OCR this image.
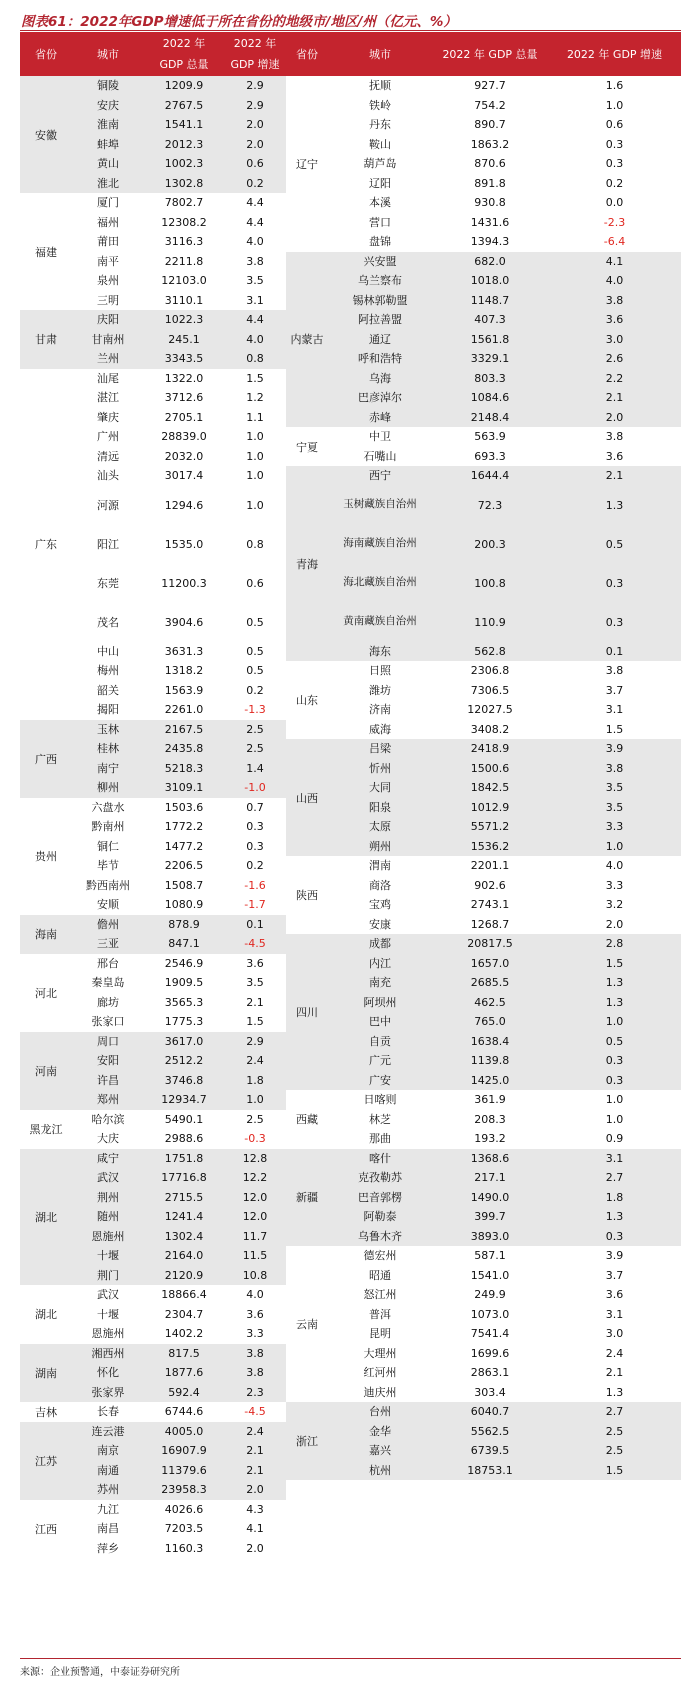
图表61：2022年GDP增速低于所在省份的地级市/地区/州（亿元、%）
省份	城市
2022 年
GDP 总量
2022 年
GDP 增速
省份	城市	2022 年 GDP 总量	2022 年 GDP 增速
安徽
铜陵	1209.9	2.9
安庆	2767.5	2.9
淮南	1541.1	2.0
蚌埠	2012.3	2.0
黄山	1002.3	0.6
淮北	1302.8	0.2
福建
厦门	7802.7	4.4
福州	12308.2	4.4
莆田	3116.3	4.0
南平	2211.8	3.8
泉州	12103.0	3.5
三明	3110.1	3.1
甘肃
庆阳	1022.3	4.4
甘南州	245.1	4.0
兰州	3343.5	0.8
广东
汕尾	1322.0	1.5
湛江	3712.6	1.2
肇庆	2705.1	1.1
广州	28839.0	1.0
清远	2032.0	1.0
汕头	3017.4	1.0
河源	1294.6	1.0
阳江	1535.0	0.8
东莞	11200.3	0.6
茂名	3904.6	0.5
中山	3631.3	0.5
梅州	1318.2	0.5
韶关	1563.9	0.2
揭阳	2261.0	-1.3
广西
玉林	2167.5	2.5
桂林	2435.8	2.5
南宁	5218.3	1.4
柳州	3109.1	-1.0
贵州
六盘水	1503.6	0.7
黔南州	1772.2	0.3
铜仁	1477.2	0.3
毕节	2206.5	0.2
黔西南州	1508.7	-1.6
安顺	1080.9	-1.7
海南
儋州	878.9	0.1
三亚	847.1	-4.5
河北
邢台	2546.9	3.6
秦皇岛	1909.5	3.5
廊坊	3565.3	2.1
张家口	1775.3	1.5
河南
周口	3617.0	2.9
安阳	2512.2	2.4
许昌	3746.8	1.8
郑州	12934.7	1.0
黑龙江
哈尔滨	5490.1	2.5
大庆	2988.6	-0.3
湖北
咸宁	1751.8	12.8
武汉	17716.8	12.2
荆州	2715.5	12.0
随州	1241.4	12.0
恩施州	1302.4	11.7
十堰	2164.0	11.5
荆门	2120.9	10.8
湖北
武汉	18866.4	4.0
十堰	2304.7	3.6
恩施州	1402.2	3.3
湖南
湘西州	817.5	3.8
怀化	1877.6	3.8
张家界	592.4	2.3
吉林	长春	6744.6	-4.5
江苏
连云港	4005.0	2.4
南京	16907.9	2.1
南通	11379.6	2.1
苏州	23958.3	2.0
江西
九江	4026.6	4.3
南昌	7203.5	4.1
萍乡	1160.3	2.0
辽宁
抚顺	927.7	1.6
铁岭	754.2	1.0
丹东	890.7	0.6
鞍山	1863.2	0.3
葫芦岛	870.6	0.3
辽阳	891.8	0.2
本溪	930.8	0.0
营口	1431.6	-2.3
盘锦	1394.3	-6.4
内蒙古
兴安盟	682.0	4.1
乌兰察布	1018.0	4.0
锡林郭勒盟	1148.7	3.8
阿拉善盟	407.3	3.6
通辽	1561.8	3.0
呼和浩特	3329.1	2.6
乌海	803.3	2.2
巴彦淖尔	1084.6	2.1
赤峰	2148.4	2.0
宁夏
中卫	563.9	3.8
石嘴山	693.3	3.6
青海
西宁	1644.4	2.1
玉树藏族自治州	72.3	1.3
海南藏族自治州	200.3	0.5
海北藏族自治州	100.8	0.3
黄南藏族自治州	110.9	0.3
海东	562.8	0.1
山东
日照	2306.8	3.8
潍坊	7306.5	3.7
济南	12027.5	3.1
威海	3408.2	1.5
山西
吕梁	2418.9	3.9
忻州	1500.6	3.8
大同	1842.5	3.5
阳泉	1012.9	3.5
太原	5571.2	3.3
朔州	1536.2	1.0
陕西
渭南	2201.1	4.0
商洛	902.6	3.3
宝鸡	2743.1	3.2
安康	1268.7	2.0
四川
成都	20817.5	2.8
内江	1657.0	1.5
南充	2685.5	1.3
阿坝州	462.5	1.3
巴中	765.0	1.0
自贡	1638.4	0.5
广元	1139.8	0.3
广安	1425.0	0.3
西藏
日喀则	361.9	1.0
林芝	208.3	1.0
那曲	193.2	0.9
新疆
喀什	1368.6	3.1
克孜勒苏	217.1	2.7
巴音郭楞	1490.0	1.8
阿勒泰	399.7	1.3
乌鲁木齐	3893.0	0.3
云南
德宏州	587.1	3.9
昭通	1541.0	3.7
怒江州	249.9	3.6
普洱	1073.0	3.1
昆明	7541.4	3.0
大理州	1699.6	2.4
红河州	2863.1	2.1
迪庆州	303.4	1.3
浙江
台州	6040.7	2.7
金华	5562.5	2.5
嘉兴	6739.5	2.5
杭州	18753.1	1.5
来源：企业预警通，中泰证券研究所
